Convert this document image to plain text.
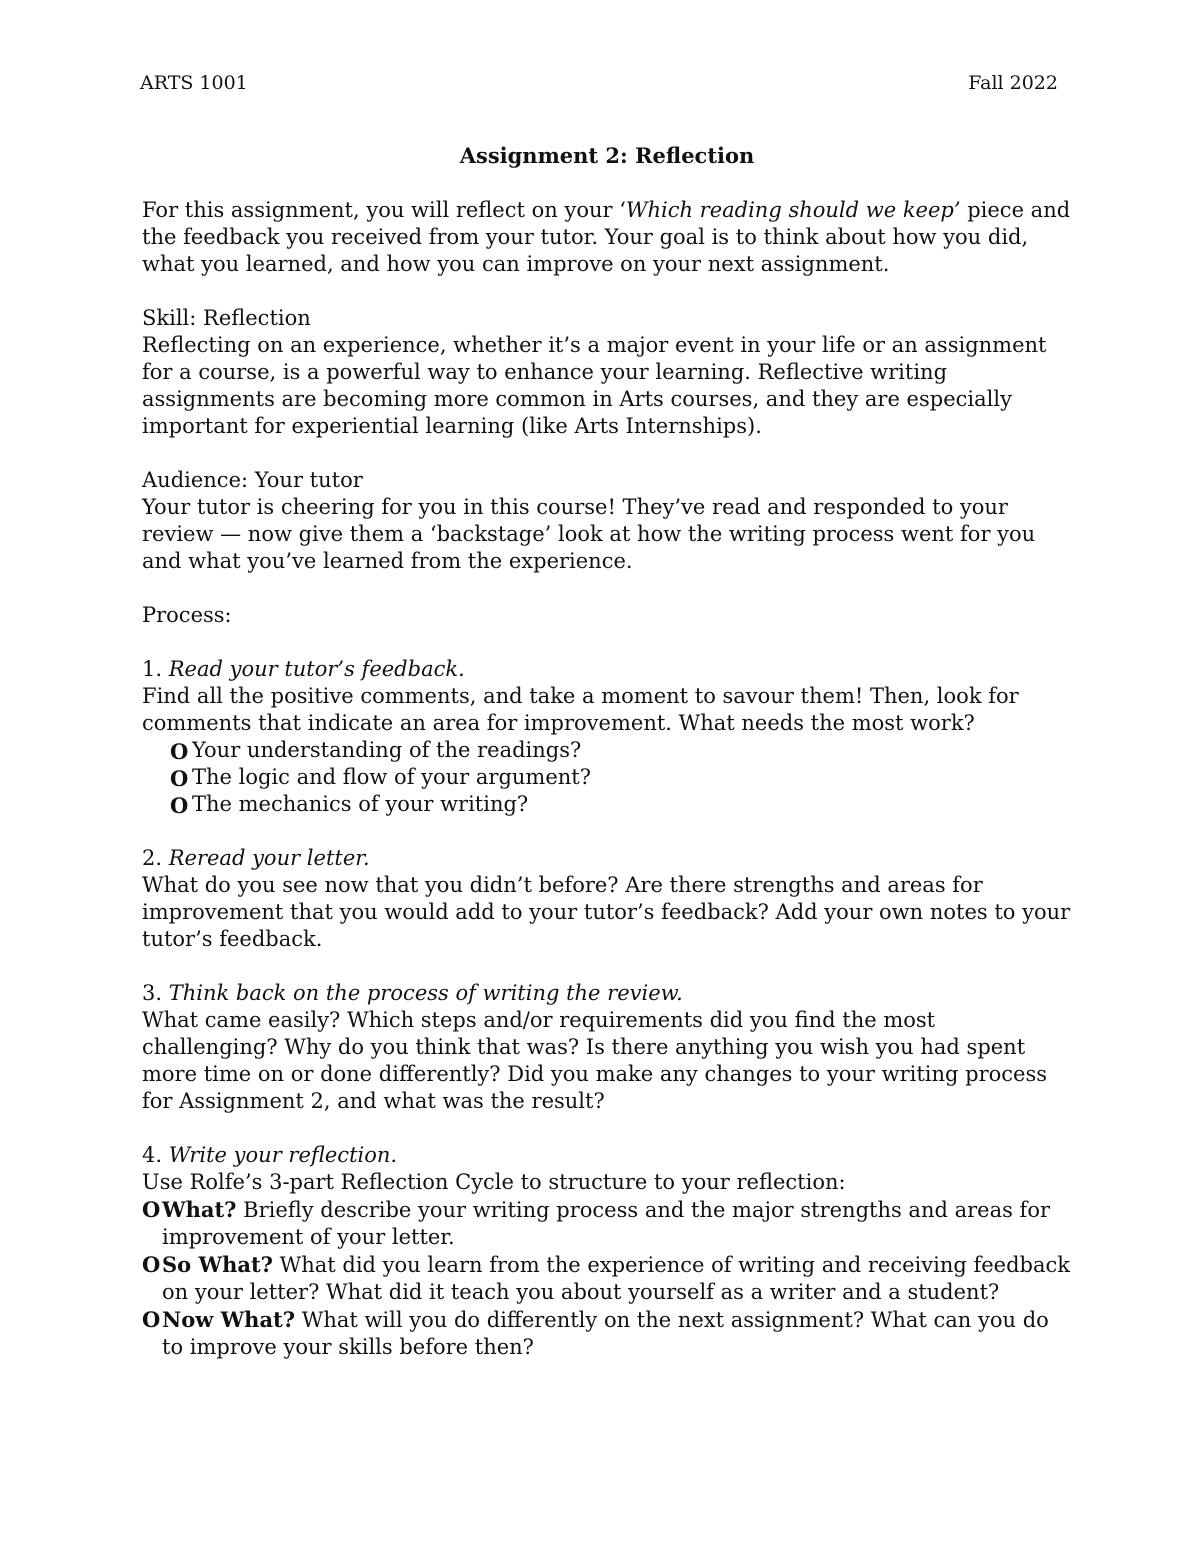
ARTS 1001	Fall 2022
Assignment 2: Reflection

For this assignment, you will reflect on your ‘Which reading should we keep’ piece and the feedback you received from your tutor. Your goal is to think about how you did, what you learned, and how you can improve on your next assignment.

Skill: Reflection
Reflecting on an experience, whether it’s a major event in your life or an assignment for a course, is a powerful way to enhance your learning. Reflective writing assignments are becoming more common in Arts courses, and they are especially important for experiential learning (like Arts Internships).

Audience: Your tutor
Your tutor is cheering for you in this course! They’ve read and responded to your review — now give them a ‘backstage’ look at how the writing process went for you and what you’ve learned from the experience.

Process:

1. Read your tutor’s feedback.
Find all the positive comments, and take a moment to savour them! Then, look for comments that indicate an area for improvement. What needs the most work?
O Your understanding of the readings?
O The logic and flow of your argument?
O The mechanics of your writing?

2. Reread your letter.
What do you see now that you didn’t before? Are there strengths and areas for improvement that you would add to your tutor’s feedback? Add your own notes to your tutor’s feedback.

3. Think back on the process of writing the review.
What came easily? Which steps and/or requirements did you find the most challenging? Why do you think that was? Is there anything you wish you had spent more time on or done differently? Did you make any changes to your writing process for Assignment 2, and what was the result?

4. Write your reflection.
Use Rolfe’s 3-part Reflection Cycle to structure to your reflection:
O What? Briefly describe your writing process and the major strengths and areas for improvement of your letter.
O So What? What did you learn from the experience of writing and receiving feedback on your letter? What did it teach you about yourself as a writer and a student?
O Now What? What will you do differently on the next assignment? What can you do to improve your skills before then?
